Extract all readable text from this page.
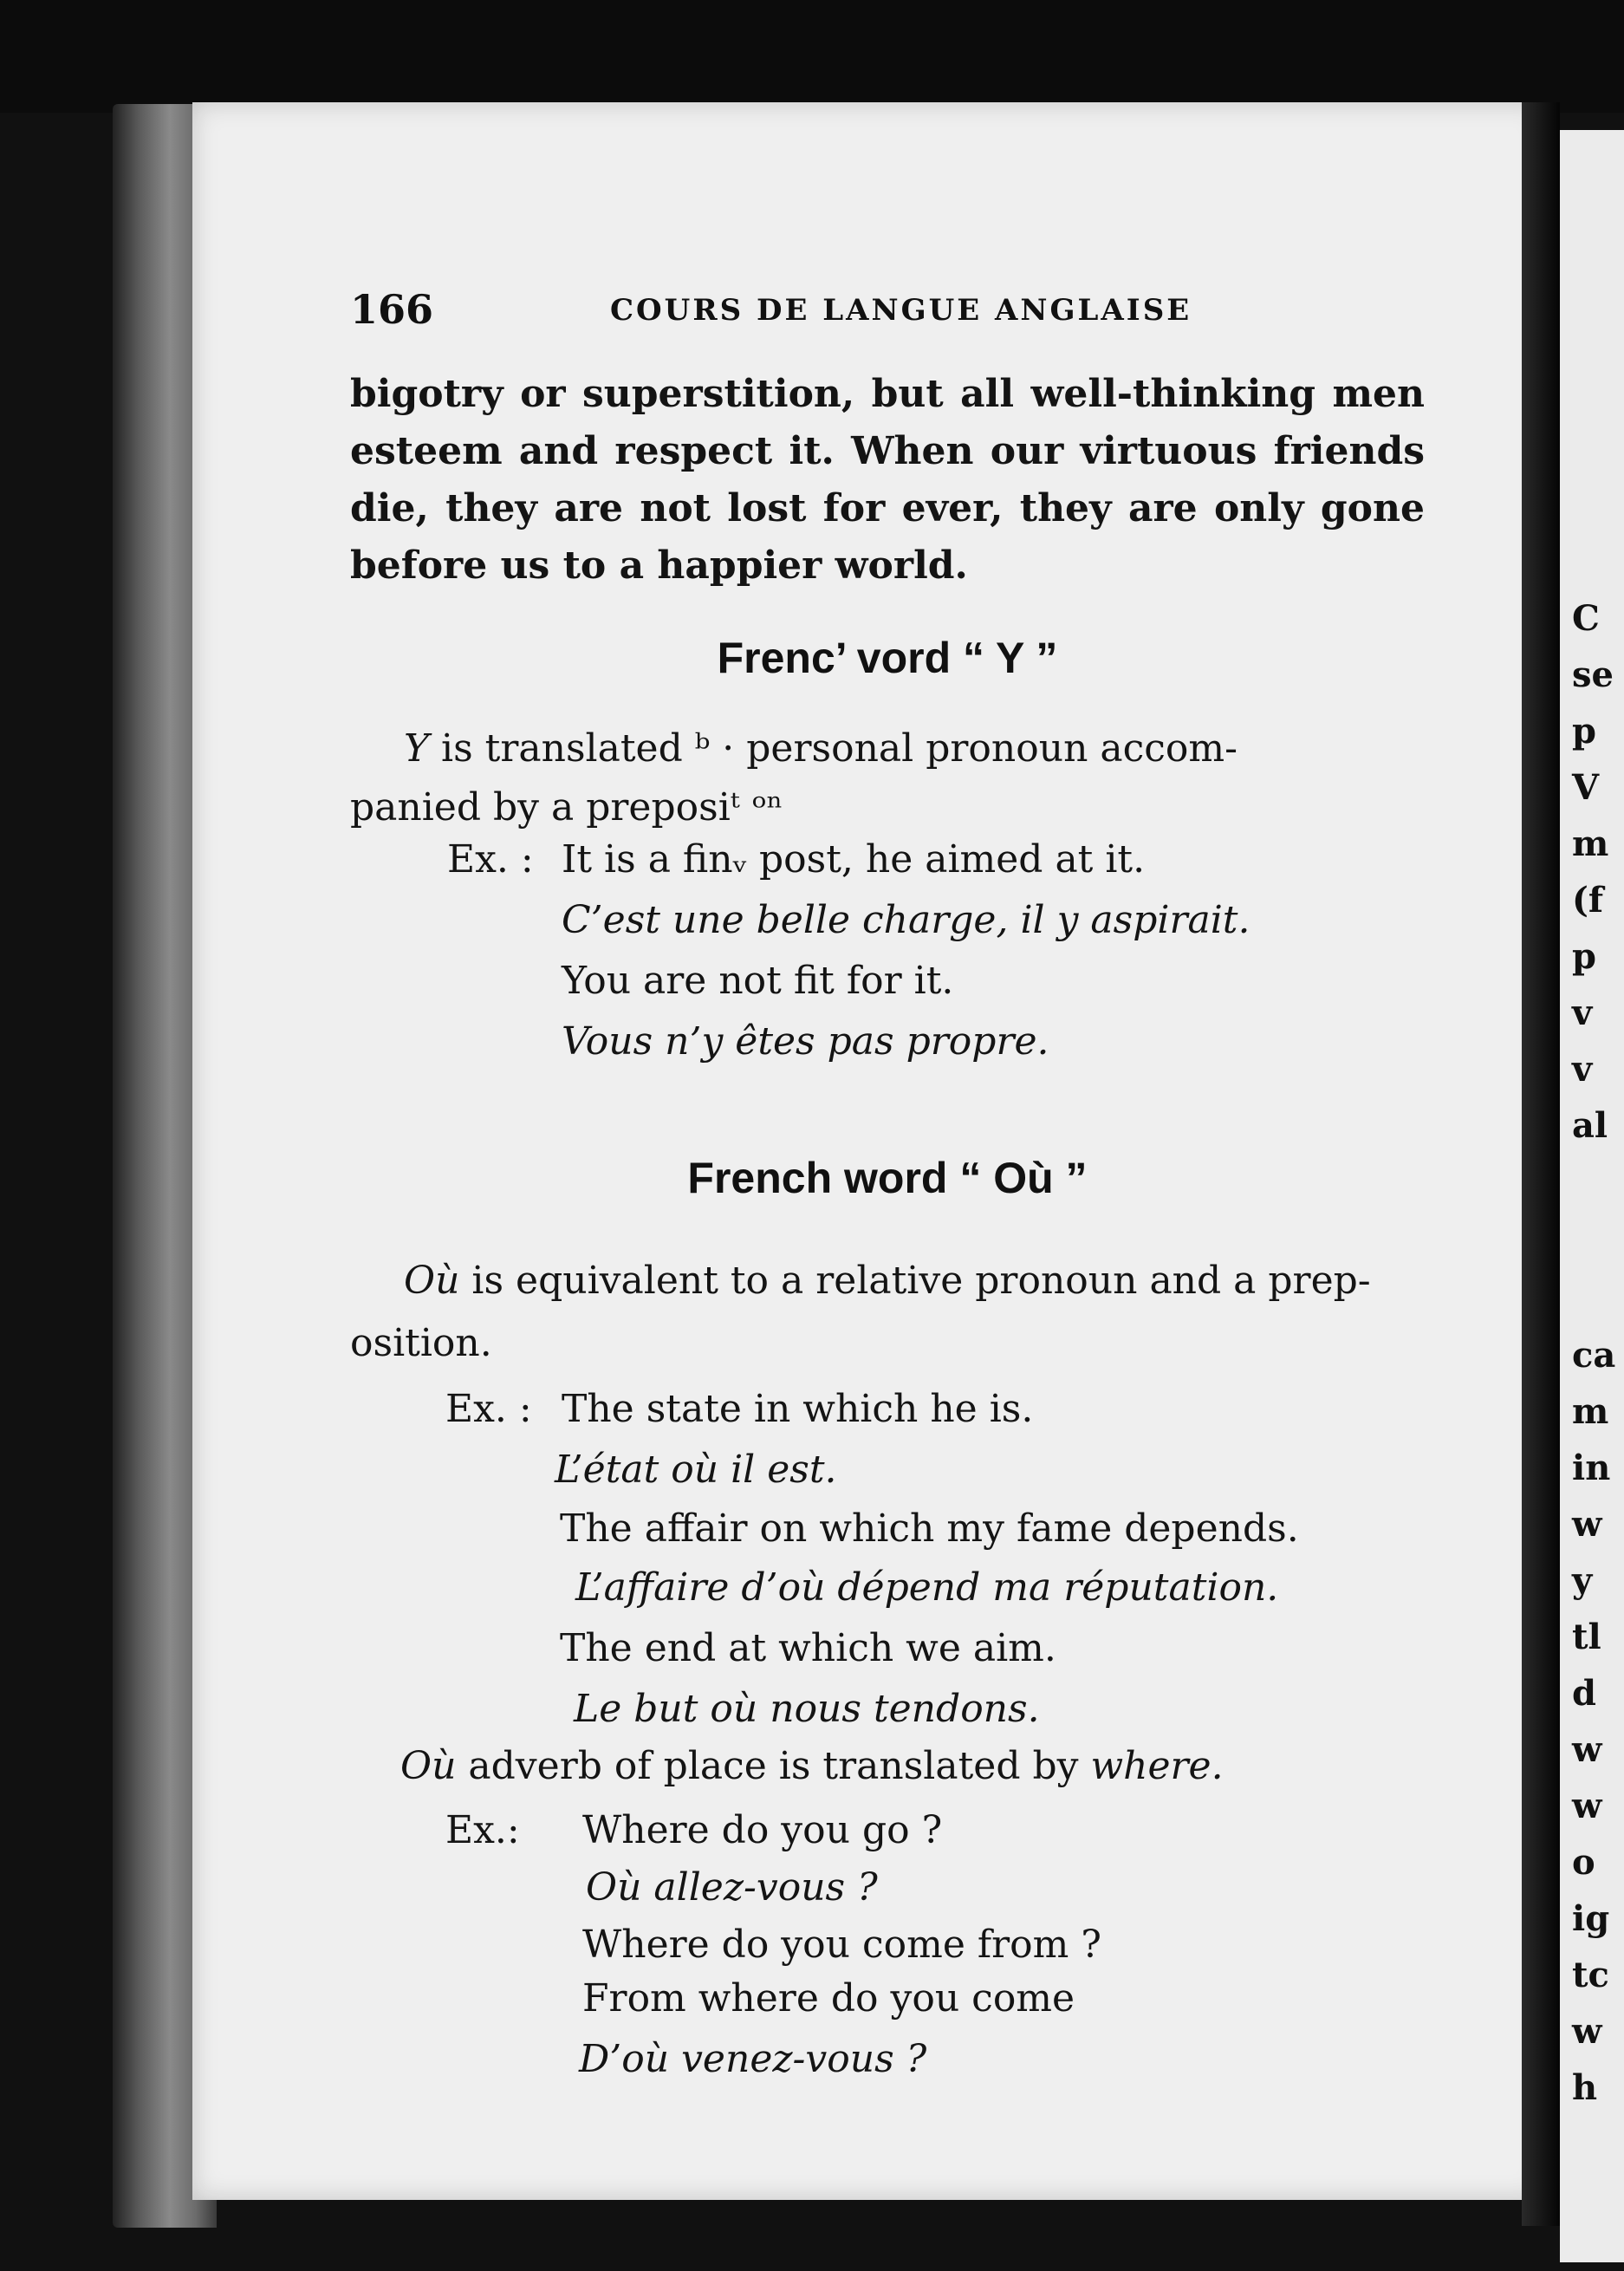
C
se
p
V
m
(f
p
v
v
al
ca
m
in
w
y
tl
d
w
w
o
ig
tc
w
h
166	COURS DE LANGUE ANGLAISE
bigotry or superstition, but all well-thinking men
esteem and respect it. When our virtuous friends
die, they are not lost for ever, they are only gone
before us to a happier world.
Frenc’ vord “ Y ”
Y is translated ᵇ · personal pronoun accom-
panied by a preposiᵗ ᵒⁿ
Ex. : It is a finᵥ post, he aimed at it.
C’est une belle charge, il y aspirait.
You are not fit for it.
Vous n’y êtes pas propre.
French word “ Où ”
Où is equivalent to a relative pronoun and a prep-
osition.
Ex. : The state in which he is.
L’état où il est.
The affair on which my fame depends.
L’affaire d’où dépend ma réputation.
The end at which we aim.
Le but où nous tendons.
Où adverb of place is translated by where.
Ex.: Where do you go ?
Où allez-vous ?
Where do you come from ?
From where do you come
D’où venez-vous ?
